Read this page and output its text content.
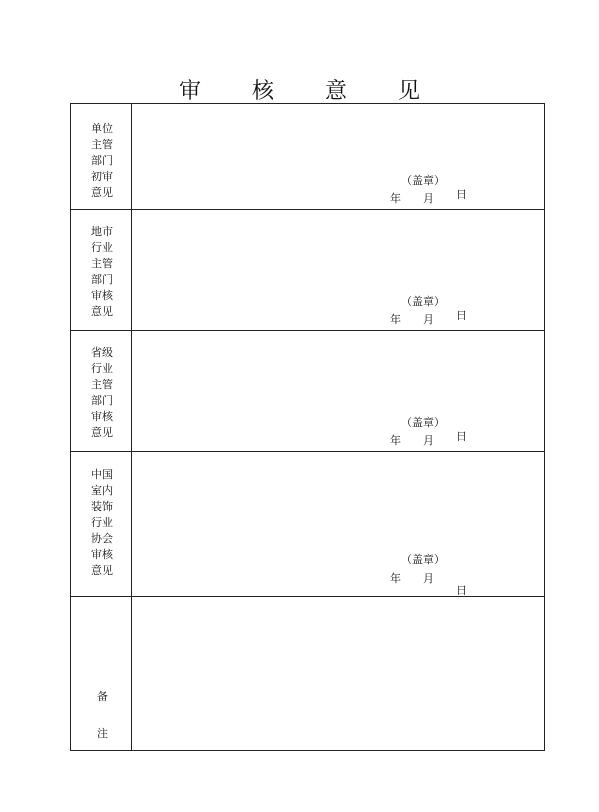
审 核 意 见
单位
主管
部门
初审
意见
（盖章）
年 月 日
地市
行业
主管
部门
审核
意见
（盖章）
年 月 日
省级
行业
主管
部门
审核
意见
（盖章）
年 月 日
中国
室内
装饰
行业
协会
审核
意见
（盖章）
年 月
日
备
注
